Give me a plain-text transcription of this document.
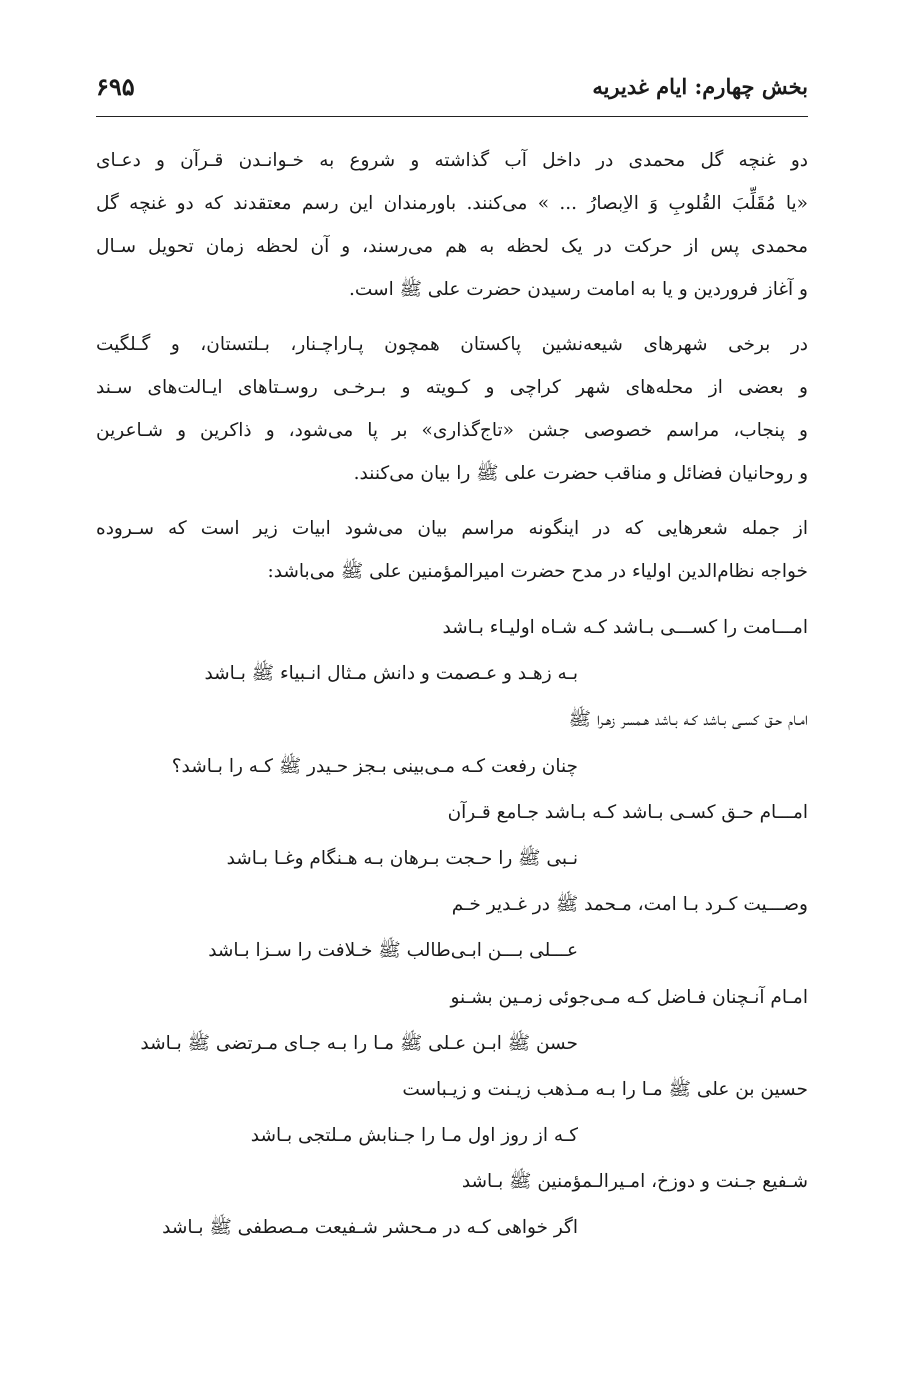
بخش چهارم: ایام غدیریه
۶۹۵

دو غنچه گل محمدی در داخل آب گذاشته و شروع به خـوانـدن قـرآن و دعـای
«یا مُقَلِّبَ القُلوبِ وَ الاِبصارُ ... » می‌کنند. باورمندان این رسم معتقدند که دو غنچه گل
محمدی پس از حرکت در یک لحظه به هم می‌رسند، و آن لحظه زمان تحویل سـال
و آغاز فروردین و یا به امامت رسیدن حضرت علی ﷺ است.

در برخی شهرهای شیعه‌نشین پاکستان همچون پـاراچـنار، بـلتستان، و گـلگیت
و بعضی از محله‌های شهر کراچی و کـویته و بـرخـی روسـتاهای ایـالت‌های سـند
و پنجاب، مراسم خصوصی جشن «تاج‌گذاری» بر پا می‌شود، و ذاکرین و شـاعرین
و روحانیان فضائل و مناقب حضرت علی ﷺ را بیان می‌کنند.

از جمله شعرهایی که در اینگونه مراسم بیان می‌شود ابیات زیر است که سـروده
خواجه نظام‌الدین اولیاء در مدح حضرت امیرالمؤمنین علی ﷺ می‌باشد:

امـــامت را کســـی بـاشد کـه شـاه اولیـاء بـاشد
بـه زهـد و عـصمت و دانش مـثال انـبیاء ﷺ بـاشد
امـام حـق کسـی بـاشد کـه بـاشد هـمسر زهـرا ﷺ
چنان رفعت کـه مـی‌بینی بـجز حـیدر ﷺ کـه را بـاشد؟
امـــام حـق کسـی بـاشد کـه بـاشد جـامع قـرآن
نـبی ﷺ را حـجت بـرهان بـه هـنگام وغـا بـاشد
وصـــیت کـرد بـا امت، مـحمد ﷺ در غـدیر خـم
عـــلی بـــن ابـی‌طالب ﷺ خـلافت را سـزا بـاشد
امـام آنـچنان فـاضل کـه مـی‌جوئی زمـین بشـنو
حسن ﷺ ابـن عـلی ﷺ مـا را بـه جـای مـرتضی ﷺ بـاشد
حسین بن علی ﷺ مـا را بـه مـذهب زیـنت و زیـباست
کـه از روز اول مـا را جـنابش مـلتجی بـاشد
شـفیع جـنت و دوزخ، امـیرالـمؤمنین ﷺ بـاشد
اگر خواهی کـه در مـحشر شـفیعت مـصطفی ﷺ بـاشد
